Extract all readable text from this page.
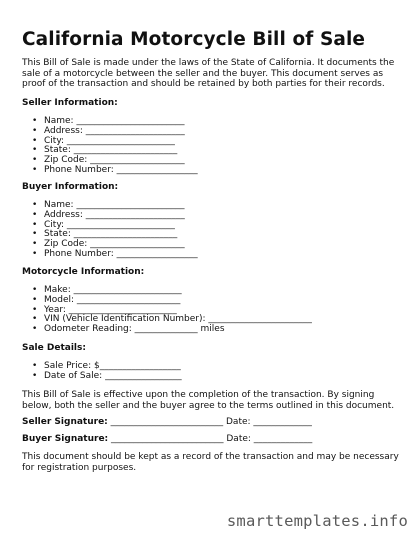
California Motorcycle Bill of Sale

This Bill of Sale is made under the laws of the State of California. It documents the sale of a motorcycle between the seller and the buyer. This document serves as proof of the transaction and should be retained by both parties for their records.

Seller Information:
• Name: ________________________
• Address: ______________________
• City: ________________________
• State: _______________________
• Zip Code: _____________________
• Phone Number: __________________
Buyer Information:
• Name: ________________________
• Address: ______________________
• City: ________________________
• State: _______________________
• Zip Code: _____________________
• Phone Number: __________________
Motorcycle Information:
• Make: ________________________
• Model: _______________________
• Year: ________________________
• VIN (Vehicle Identification Number): _______________________
• Odometer Reading: ______________ miles
Sale Details:
• Sale Price: $__________________
• Date of Sale: _________________

This Bill of Sale is effective upon the completion of the transaction. By signing below, both the seller and the buyer agree to the terms outlined in this document.

Seller Signature: _________________________ Date: _____________
Buyer Signature: _________________________ Date: _____________

This document should be kept as a record of the transaction and may be necessary for registration purposes.

smarttemplates.info
